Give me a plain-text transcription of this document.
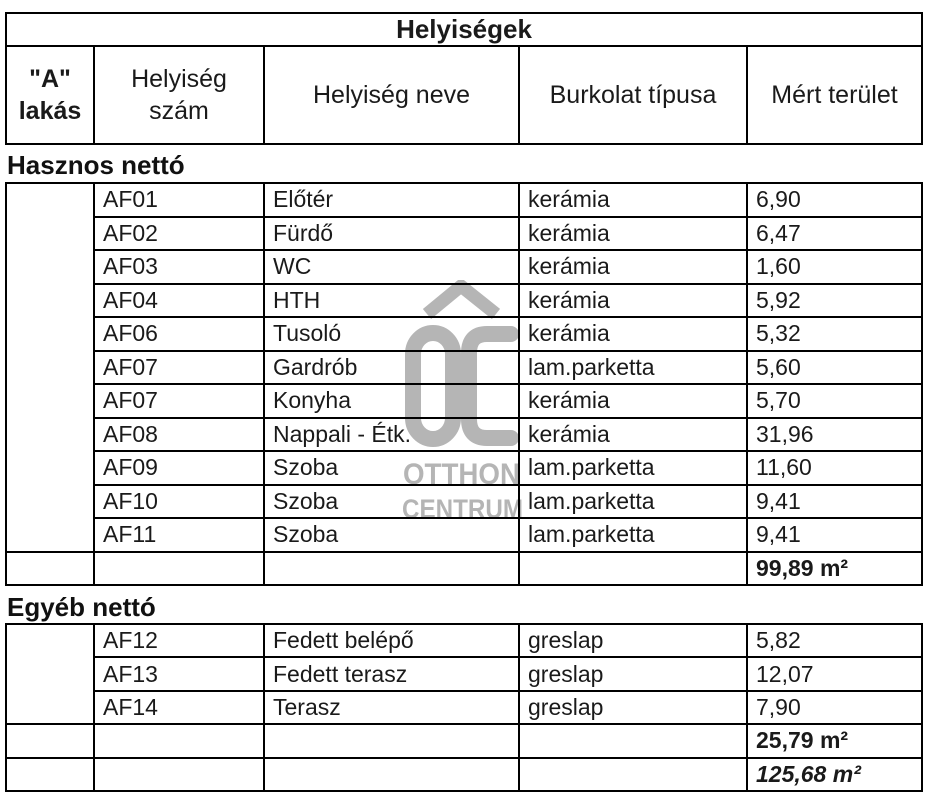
OTTHON
CENTRUM
Helyiségek
"A" lakás	Helyiség szám	Helyiség neve	Burkolat típusa	Mért terület
Hasznos nettó
	AF01	Előtér	kerámia	6,90
	AF02	Fürdő	kerámia	6,47
	AF03	WC	kerámia	1,60
	AF04	HTH	kerámia	5,92
	AF06	Tusoló	kerámia	5,32
	AF07	Gardrób	lam.parketta	5,60
	AF07	Konyha	kerámia	5,70
	AF08	Nappali - Étk.	kerámia	31,96
	AF09	Szoba	lam.parketta	11,60
	AF10	Szoba	lam.parketta	9,41
	AF11	Szoba	lam.parketta	9,41
				99,89 m²
Egyéb nettó
	AF12	Fedett belépő	greslap	5,82
	AF13	Fedett terasz	greslap	12,07
	AF14	Terasz	greslap	7,90
				25,79 m²
				125,68 m²
